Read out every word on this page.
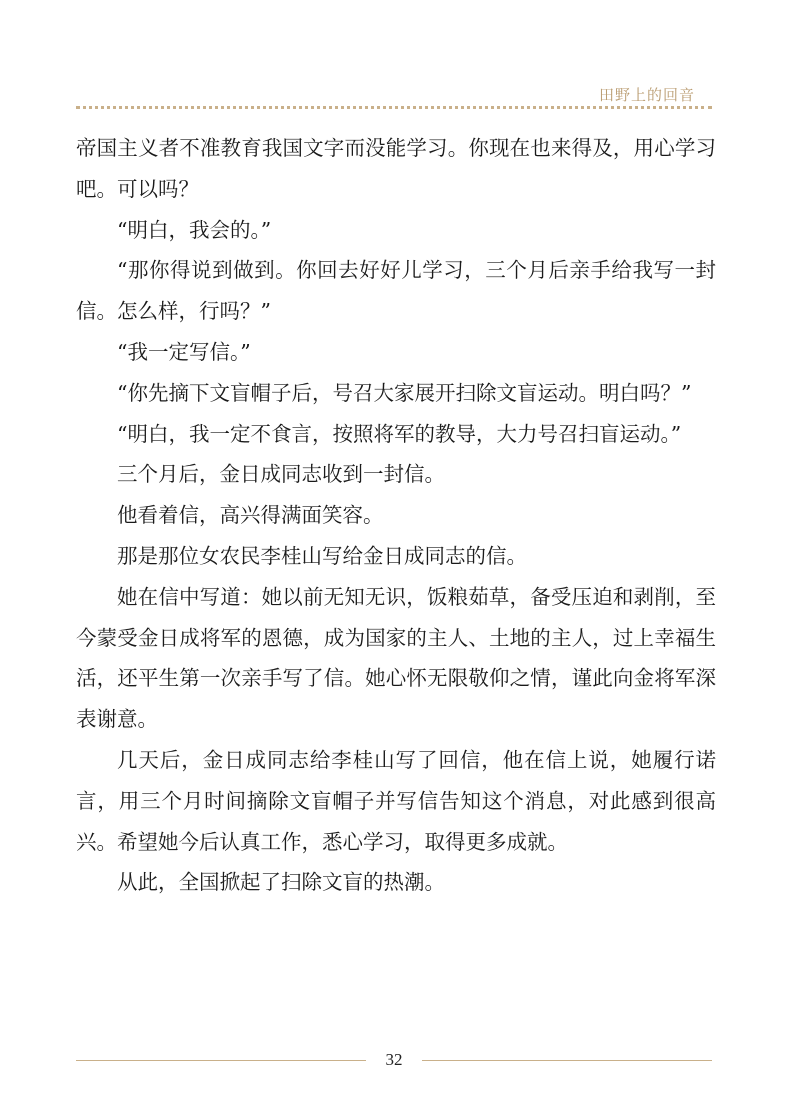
田野上的回音

帝国主义者不准教育我国文字而没能学习。你现在也来得及，用心学习吧。可以吗？

“明白，我会的。”

“那你得说到做到。你回去好好儿学习，三个月后亲手给我写一封信。怎么样，行吗？”

“我一定写信。”

“你先摘下文盲帽子后，号召大家展开扫除文盲运动。明白吗？”

“明白，我一定不食言，按照将军的教导，大力号召扫盲运动。”

三个月后，金日成同志收到一封信。

他看着信，高兴得满面笑容。

那是那位女农民李桂山写给金日成同志的信。

她在信中写道：她以前无知无识，饭粮茹草，备受压迫和剥削，至今蒙受金日成将军的恩德，成为国家的主人、土地的主人，过上幸福生活，还平生第一次亲手写了信。她心怀无限敬仰之情，谨此向金将军深表谢意。

几天后，金日成同志给李桂山写了回信，他在信上说，她履行诺言，用三个月时间摘除文盲帽子并写信告知这个消息，对此感到很高兴。希望她今后认真工作，悉心学习，取得更多成就。

从此，全国掀起了扫除文盲的热潮。

32
